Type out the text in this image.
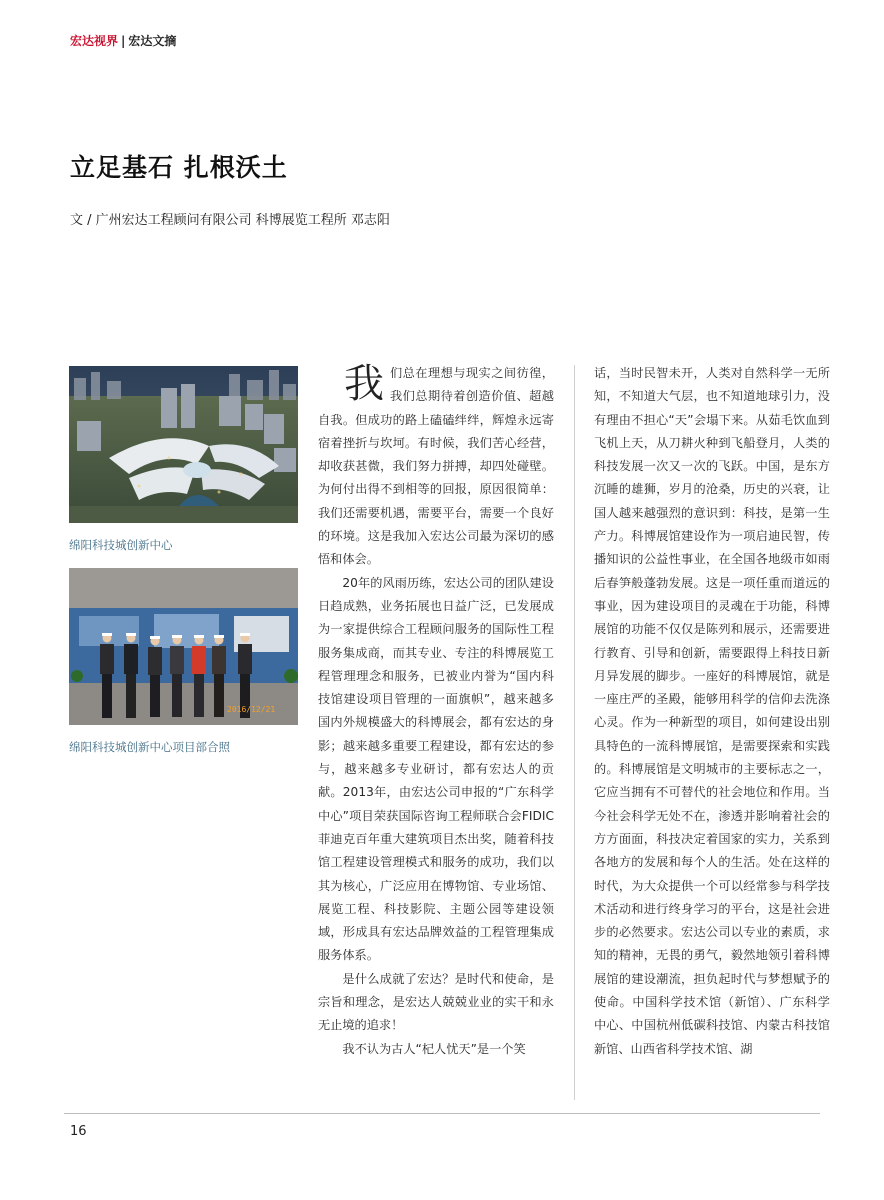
宏达视界 | 宏达文摘
立足基石 扎根沃土
文 / 广州宏达工程顾问有限公司 科博展览工程所 邓志阳
绵阳科技城创新中心
2016/12/21
绵阳科技城创新中心项目部合照

我们总在理想与现实之间彷徨，我们总期待着创造价值、超越自我。但成功的路上磕磕绊绊，辉煌永远寄宿着挫折与坎坷。有时候，我们苦心经营，却收获甚微，我们努力拼搏，却四处碰壁。为何付出得不到相等的回报，原因很简单：我们还需要机遇，需要平台，需要一个良好的环境。这是我加入宏达公司最为深切的感悟和体会。

20年的风雨历练，宏达公司的团队建设日趋成熟，业务拓展也日益广泛，已发展成为一家提供综合工程顾问服务的国际性工程服务集成商，而其专业、专注的科博展览工程管理理念和服务，已被业内誉为“国内科技馆建设项目管理的一面旗帜”，越来越多国内外规模盛大的科博展会，都有宏达的身影；越来越多重要工程建设，都有宏达的参与，越来越多专业研讨，都有宏达人的贡献。2013年，由宏达公司申报的“广东科学中心”项目荣获国际咨询工程师联合会FIDIC菲迪克百年重大建筑项目杰出奖，随着科技馆工程建设管理模式和服务的成功，我们以其为核心，广泛应用在博物馆、专业场馆、展览工程、科技影院、主题公园等建设领域，形成具有宏达品牌效益的工程管理集成服务体系。

是什么成就了宏达？是时代和使命，是宗旨和理念，是宏达人兢兢业业的实干和永无止境的追求！

我不认为古人“杞人忧天”是一个笑

话，当时民智未开，人类对自然科学一无所知，不知道大气层，也不知道地球引力，没有理由不担心“天”会塌下来。从茹毛饮血到飞机上天，从刀耕火种到飞船登月，人类的科技发展一次又一次的飞跃。中国，是东方沉睡的雄狮，岁月的沧桑，历史的兴衰，让国人越来越强烈的意识到：科技，是第一生产力。科博展馆建设作为一项启迪民智，传播知识的公益性事业，在全国各地级市如雨后春笋般蓬勃发展。这是一项任重而道远的事业，因为建设项目的灵魂在于功能，科博展馆的功能不仅仅是陈列和展示，还需要进行教育、引导和创新，需要跟得上科技日新月异发展的脚步。一座好的科博展馆，就是一座庄严的圣殿，能够用科学的信仰去洗涤心灵。作为一种新型的项目，如何建设出别具特色的一流科博展馆，是需要探索和实践的。科博展馆是文明城市的主要标志之一，它应当拥有不可替代的社会地位和作用。当今社会科学无处不在，渗透并影响着社会的方方面面，科技决定着国家的实力，关系到各地方的发展和每个人的生活。处在这样的时代，为大众提供一个可以经常参与科学技术活动和进行终身学习的平台，这是社会进步的必然要求。宏达公司以专业的素质，求知的精神，无畏的勇气，毅然地领引着科博展馆的建设潮流，担负起时代与梦想赋予的使命。中国科学技术馆（新馆）、广东科学中心、中国杭州低碳科技馆、内蒙古科技馆新馆、山西省科学技术馆、湖

16
